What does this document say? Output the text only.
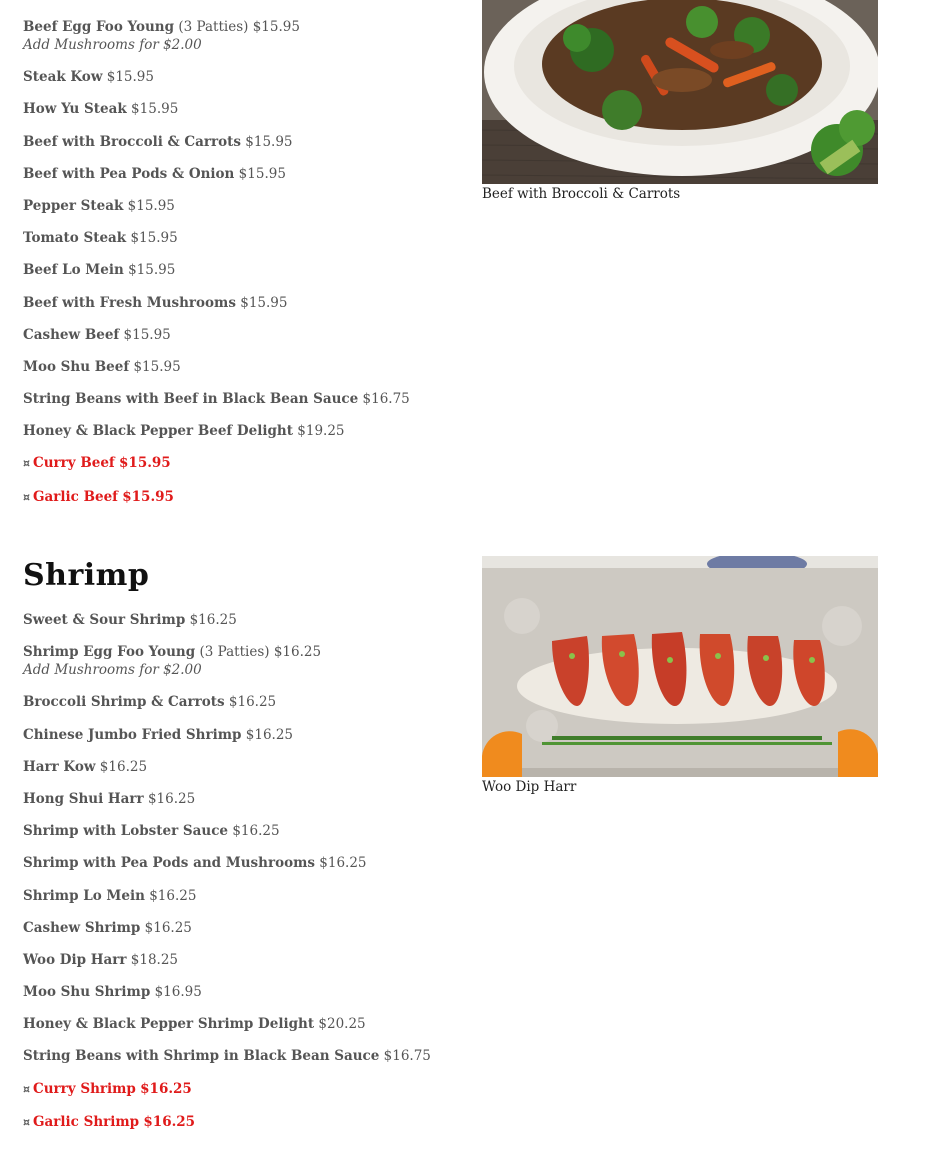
Beef Egg Foo Young (3 Patties) $15.95
Add Mushrooms for $2.00
Steak Kow $15.95
How Yu Steak $15.95
Beef with Broccoli & Carrots $15.95
Beef with Pea Pods & Onion $15.95
Pepper Steak $15.95
Tomato Steak $15.95
Beef Lo Mein $15.95
Beef with Fresh Mushrooms $15.95
Cashew Beef $15.95
Moo Shu Beef $15.95
String Beans with Beef in Black Bean Sauce $16.75
Honey & Black Pepper Beef Delight $19.25
¤ Curry Beef $15.95
¤ Garlic Beef $15.95
Beef with Broccoli & Carrots
Shrimp
Sweet & Sour Shrimp $16.25
Shrimp Egg Foo Young (3 Patties) $16.25
Add Mushrooms for $2.00
Broccoli Shrimp & Carrots $16.25
Chinese Jumbo Fried Shrimp $16.25
Harr Kow $16.25
Hong Shui Harr $16.25
Shrimp with Lobster Sauce $16.25
Shrimp with Pea Pods and Mushrooms $16.25
Shrimp Lo Mein $16.25
Cashew Shrimp $16.25
Woo Dip Harr $18.25
Moo Shu Shrimp $16.95
Honey & Black Pepper Shrimp Delight $20.25
String Beans with Shrimp in Black Bean Sauce $16.75
¤ Curry Shrimp $16.25
¤ Garlic Shrimp $16.25
Woo Dip Harr
